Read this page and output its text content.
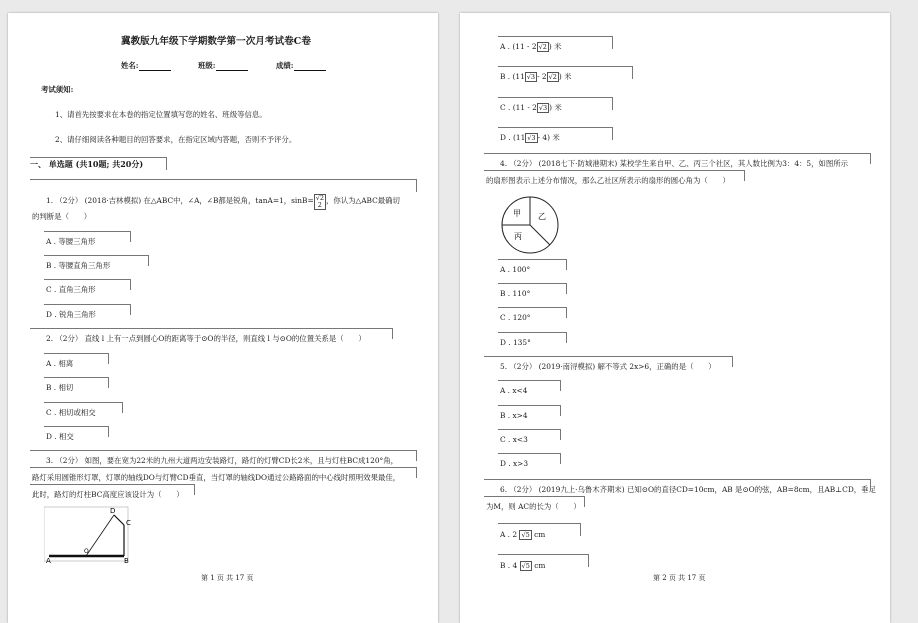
冀教版九年级下学期数学第一次月考试卷C卷
姓名:	班级:	成绩:
考试须知:
1、请首先按要求在本卷的指定位置填写您的姓名、班级等信息。
2、请仔细阅读各种题目的回答要求，在指定区域内答题，否则不予评分。
一、 单选题 (共10题; 共20分)
1. （2分） (2018·吉林模拟) 在△ABC中，∠A，∠B都是锐角，tanA=1，sinB= √2
2 ，你认为△ABC最确切
的判断是（　　）
A . 等腰三角形
B . 等腰直角三角形
C . 直角三角形
D . 锐角三角形
2. （2分） 直线 l 上有一点到圆心O的距离等于⊙O的半径，则直线 l 与⊙O的位置关系是（　　）
A . 相离
B . 相切
C . 相切或相交
D . 相交
3. （2分） 如图，要在宽为22米的九州大道两边安装路灯，路灯的灯臂CD长2米，且与灯柱BC成120°角，
路灯采用圆锥形灯罩，灯罩的轴线DO与灯臂CD垂直，当灯罩的轴线DO通过公路路面的中心线时照明效果最佳，
此时，路灯的灯柱BC高度应该设计为（　　）
A	B
C
D
O
第 1 页 共 17 页
A . (11 - 2 √2 ) 米
B . (11 √3 - 2 √2 ) 米
C . (11 - 2 √3 ) 米
D . (11 √3 - 4) 米
4. （2分） (2018七下·防城港期末) 某校学生来自甲、乙、丙三个社区，其人数比例为3：4：5，如图所示
的扇形图表示上述分布情况，那么乙社区所表示的扇形的圆心角为（　　）
甲 乙
丙
A . 100°
B . 110°
C . 120°
D . 135°
5. （2分） (2019·南浔模拟) 解不等式 2x>6，正确的是（　　）
A . x<4
B . x>4
C . x<3
D . x>3
6. （2分） (2019九上·乌鲁木齐期末) 已知⊙O的直径CD=10cm，AB 是⊙O的弦，AB=8cm，且AB⊥CD，垂足
为M，则 AC的长为（　　）
A . 2 √5 cm
B . 4 √5 cm
第 2 页 共 17 页
